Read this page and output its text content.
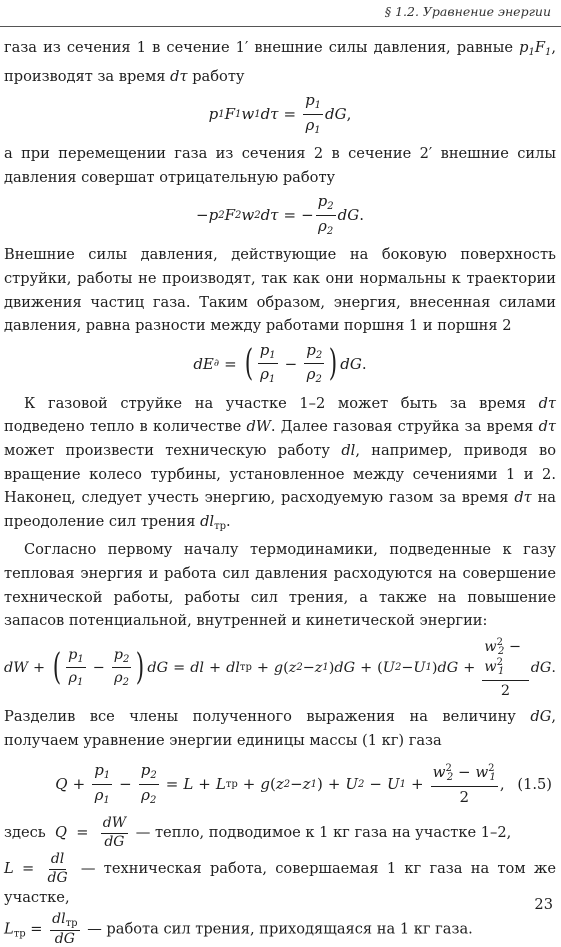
§ 1.2. Уравнение энергии

газа из сечения 1 в сечение 1′ внешние силы давления, равные $p_1F_1$, производят за время dτ работу

p 1 F 1 w 1 $d\tau = \frac{p_1}{\rho_1}$ dG ,

а при перемещении газа из сечения 2 в сечение 2′ внешние силы давления совершат отрицательную работу

− p 2 F 2 w 2 dτ = − $\frac{p_2}{\rho_2}$ dG .

Внешние силы давления, действующие на боковую поверхность струйки, работы не производят, так как они нормальны к траектории движения частиц газа. Таким образом, энергия, внесенная силами давления, равна разности между работами поршня 1 и поршня 2

dE ∂ = ( $\frac{p_1}{\rho_1} - \frac{p_2}{\rho_2}$ ) dG .

К газовой струйке на участке 1–2 может быть за время dτ подведено тепло в количестве dW. Далее газовая струйка за время dτ может произвести техническую работу dl, например, приводя во вращение колесо турбины, установленное между сечениями 1 и 2. Наконец, следует учесть энергию, расходуемую газом за время dτ на преодоление сил трения $dl_{тр}$.

Согласно первому началу термодинамики, подведенные к газу тепловая энергия и работа сил давления расходуются на совершение технической работы, работы сил трения, а также на повышение запасов потенциальной, внутренней и кинетической энергии:

dW + ( $\frac{p_1}{\rho_1} - \frac{p_2}{\rho_2}$ ) dG = dl + dl тр + g ( z 2 − z 1 ) dG + ( U 2 − U 1 ) dG + $\frac{w^2_2 - w^2_1}{2}$ dG .

Разделив все члены полученного выражения на величину dG, получаем уравнение энергии единицы массы (1 кг) газа

$Q + \frac{p_1}{\rho_1} - \frac{p_2}{\rho_2} = L + L$ тр + g ( z 2 − z 1 ) + U 2 − U $1 + \frac{w^2_2 - w^2_1}{2}$ , (1.5)

здесь $Q = \frac{dW}{dG}$ — тепло, подводимое к 1 кг газа на участке 1–2,

$L = \frac{dl}{dG}$ — техническая работа, совершаемая 1 кг газа на том же участке,

$L_{тр} = \frac{dl_{тр}}{dG}$ — работа сил трения, приходящаяся на 1 кг газа.

23
